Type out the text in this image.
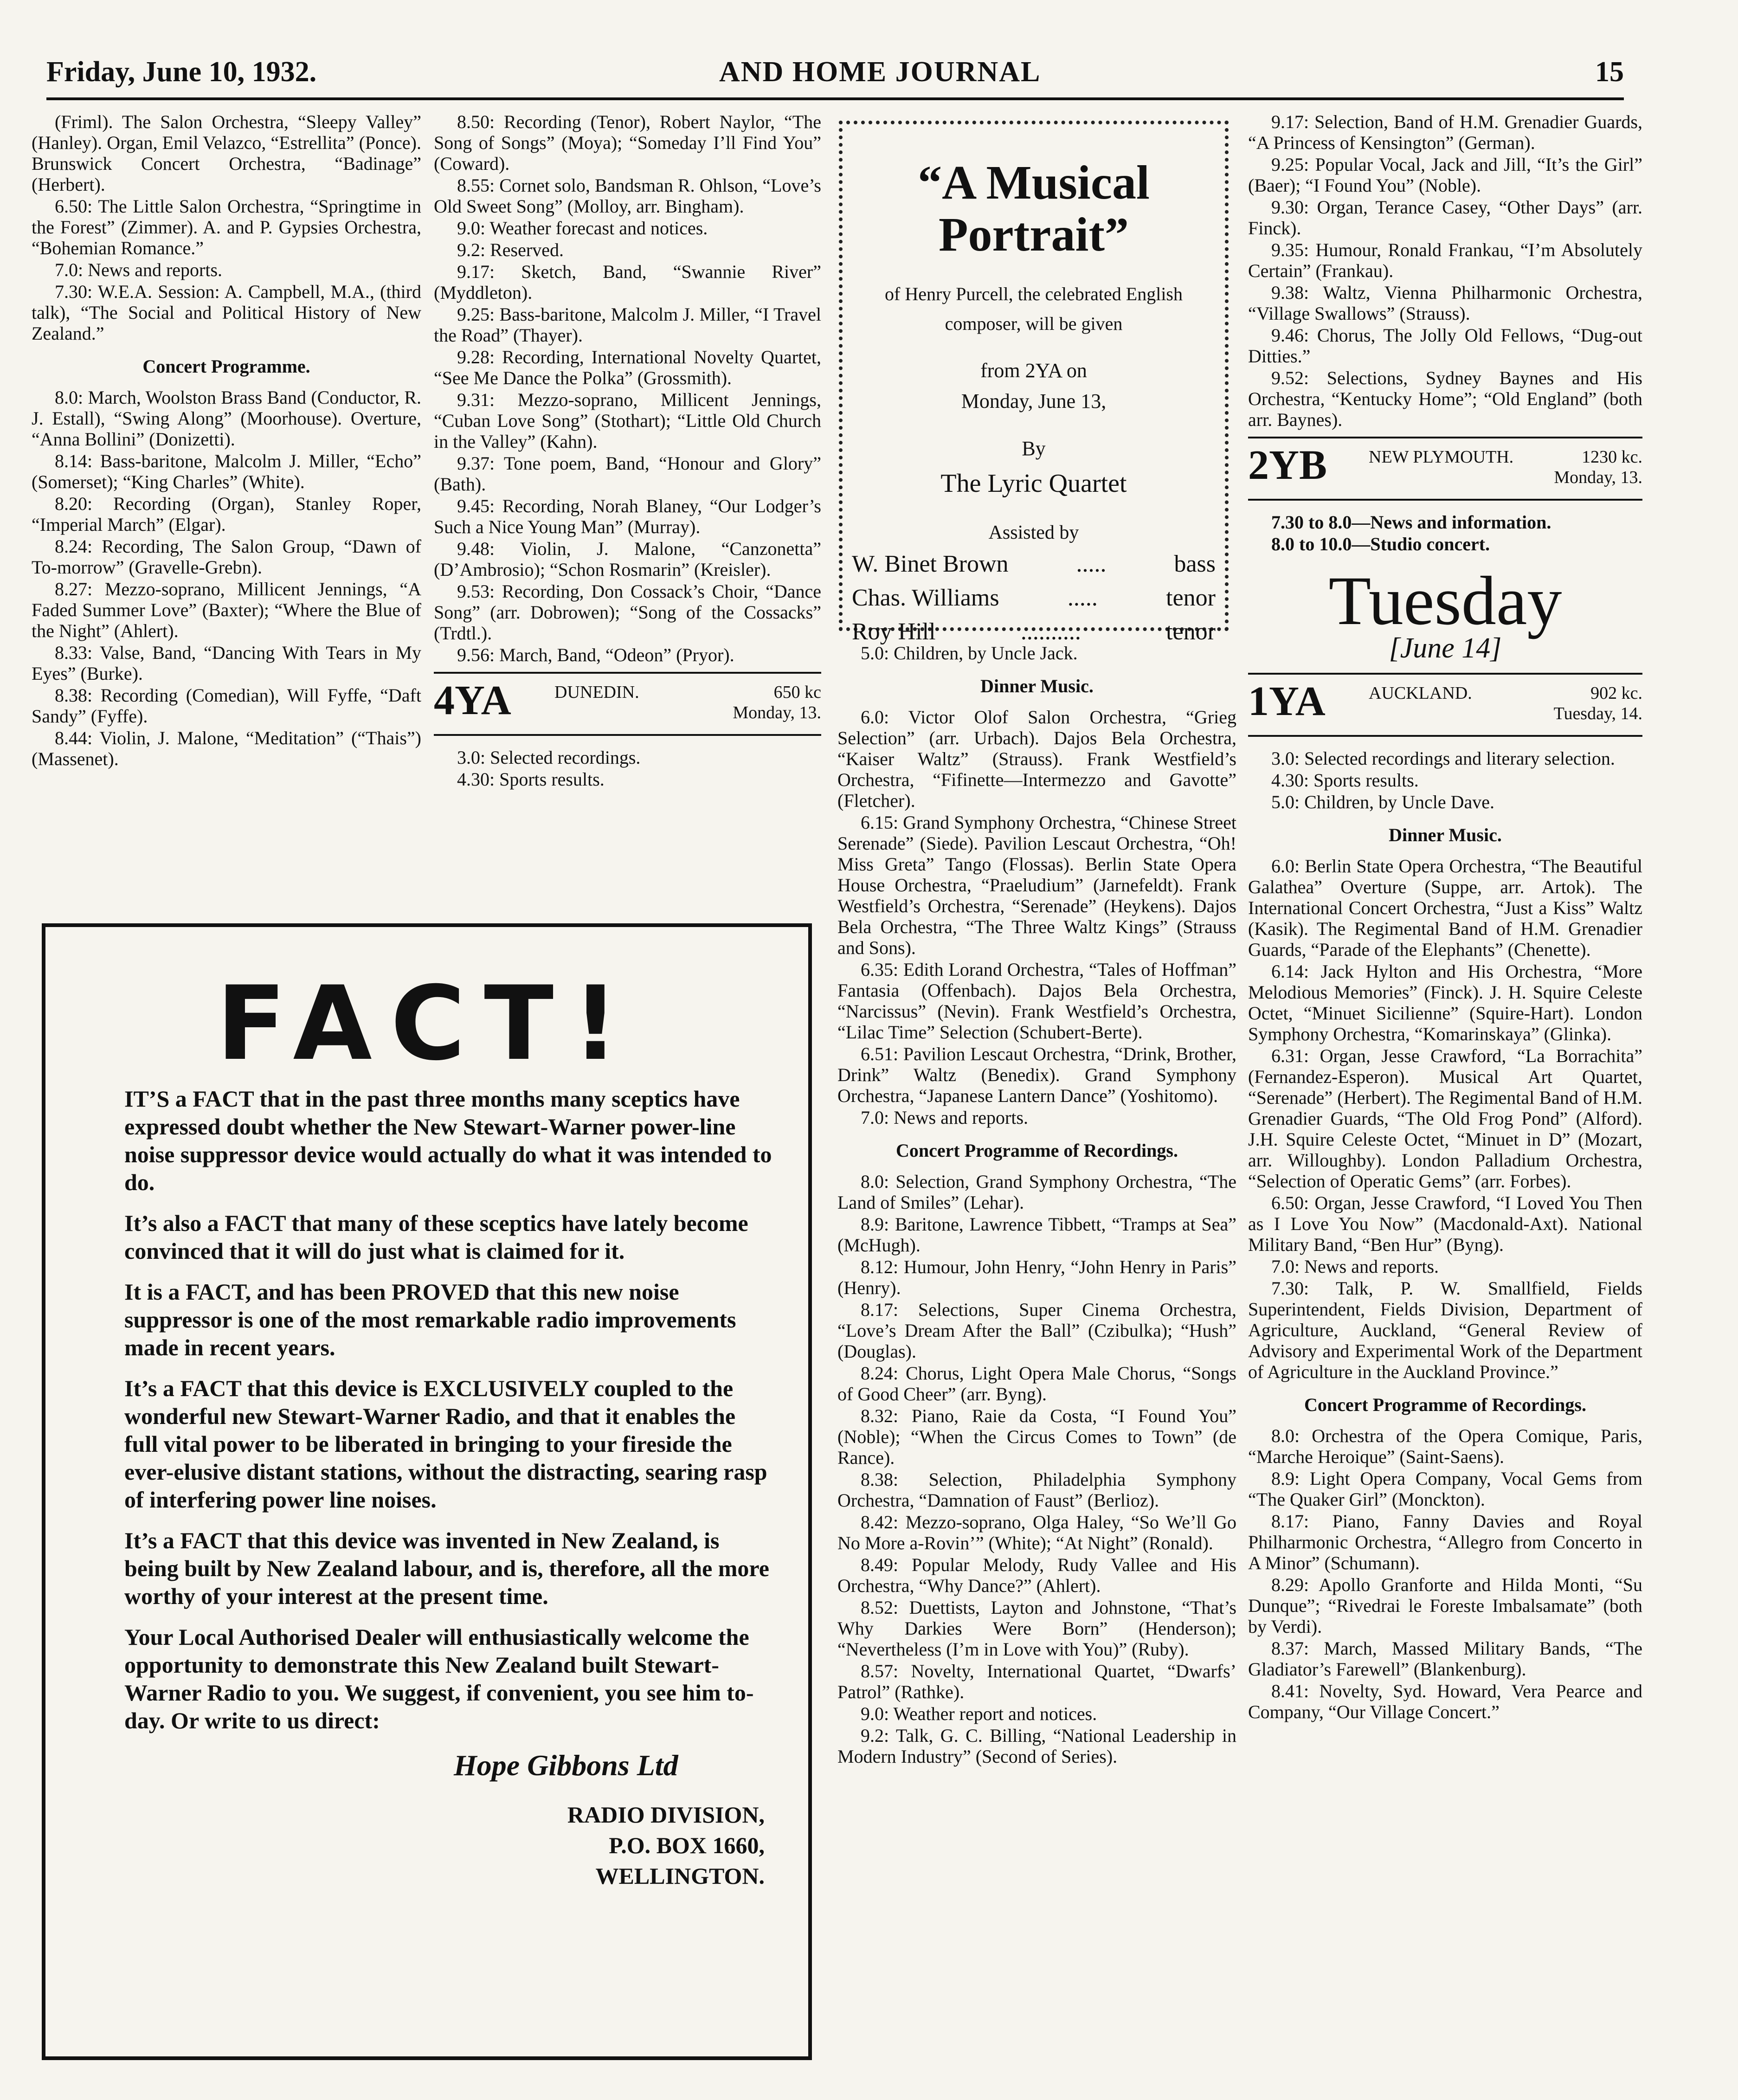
Friday, June 10, 1932.	AND HOME JOURNAL	15

(Friml). The Salon Orchestra, “Sleepy Valley” (Hanley). Organ, Emil Velazco, “Estrellita” (Ponce). Brunswick Concert Orchestra, “Badinage” (Herbert).

6.50: The Little Salon Orchestra, “Springtime in the Forest” (Zimmer). A. and P. Gypsies Orchestra, “Bohemian Romance.”

7.0: News and reports.

7.30: W.E.A. Session: A. Campbell, M.A., (third talk), “The Social and Political History of New Zealand.”

Concert Programme.

8.0: March, Woolston Brass Band (Conductor, R. J. Estall), “Swing Along” (Moorhouse). Overture, “Anna Bollini” (Donizetti).

8.14: Bass-baritone, Malcolm J. Miller, “Echo” (Somerset); “King Charles” (White).

8.20: Recording (Organ), Stanley Roper, “Imperial March” (Elgar).

8.24: Recording, The Salon Group, “Dawn of To-morrow” (Gravelle-Grebn).

8.27: Mezzo-soprano, Millicent Jennings, “A Faded Summer Love” (Baxter); “Where the Blue of the Night” (Ahlert).

8.33: Valse, Band, “Dancing With Tears in My Eyes” (Burke).

8.38: Recording (Comedian), Will Fyffe, “Daft Sandy” (Fyffe).

8.44: Violin, J. Malone, “Meditation” (“Thais”) (Massenet).

8.50: Recording (Tenor), Robert Naylor, “The Song of Songs” (Moya); “Someday I’ll Find You” (Coward).

8.55: Cornet solo, Bandsman R. Ohlson, “Love’s Old Sweet Song” (Molloy, arr. Bingham).

9.0: Weather forecast and notices.

9.2: Reserved.

9.17: Sketch, Band, “Swannie River” (Myddleton).

9.25: Bass-baritone, Malcolm J. Miller, “I Travel the Road” (Thayer).

9.28: Recording, International Novelty Quartet, “See Me Dance the Polka” (Grossmith).

9.31: Mezzo-soprano, Millicent Jennings, “Cuban Love Song” (Stothart); “Little Old Church in the Valley” (Kahn).

9.37: Tone poem, Band, “Honour and Glory” (Bath).

9.45: Recording, Norah Blaney, “Our Lodger’s Such a Nice Young Man” (Murray).

9.48: Violin, J. Malone, “Canzonetta” (D’Ambrosio); “Schon Rosmarin” (Kreisler).

9.53: Recording, Don Cossack’s Choir, “Dance Song” (arr. Dobrowen); “Song of the Cossacks” (Trdtl.).

9.56: March, Band, “Odeon” (Pryor).

4YA DUNEDIN.	650 kc
Monday, 13.

3.0: Selected recordings.

4.30: Sports results.

“A Musical Portrait”
of Henry Purcell, the celebrated English composer, will be given
from 2YA on
Monday, June 13,
By
The Lyric Quartet
Assisted by
W. Binet Brown	.....	bass
Chas. Williams	.....	tenor
Roy Hill	..........	tenor

5.0: Children, by Uncle Jack.

Dinner Music.

6.0: Victor Olof Salon Orchestra, “Grieg Selection” (arr. Urbach). Dajos Bela Orchestra, “Kaiser Waltz” (Strauss). Frank Westfield’s Orchestra, “Fifinette—Intermezzo and Gavotte” (Fletcher).

6.15: Grand Symphony Orchestra, “Chinese Street Serenade” (Siede). Pavilion Lescaut Orchestra, “Oh! Miss Greta” Tango (Flossas). Berlin State Opera House Orchestra, “Praeludium” (Jarnefeldt). Frank Westfield’s Orchestra, “Serenade” (Heykens). Dajos Bela Orchestra, “The Three Waltz Kings” (Strauss and Sons).

6.35: Edith Lorand Orchestra, “Tales of Hoffman” Fantasia (Offenbach). Dajos Bela Orchestra, “Narcissus” (Nevin). Frank Westfield’s Orchestra, “Lilac Time” Selection (Schubert-Berte).

6.51: Pavilion Lescaut Orchestra, “Drink, Brother, Drink” Waltz (Benedix). Grand Symphony Orchestra, “Japanese Lantern Dance” (Yoshitomo).

7.0: News and reports.

Concert Programme of Recordings.

8.0: Selection, Grand Symphony Orchestra, “The Land of Smiles” (Lehar).

8.9: Baritone, Lawrence Tibbett, “Tramps at Sea” (McHugh).

8.12: Humour, John Henry, “John Henry in Paris” (Henry).

8.17: Selections, Super Cinema Orchestra, “Love’s Dream After the Ball” (Czibulka); “Hush” (Douglas).

8.24: Chorus, Light Opera Male Chorus, “Songs of Good Cheer” (arr. Byng).

8.32: Piano, Raie da Costa, “I Found You” (Noble); “When the Circus Comes to Town” (de Rance).

8.38: Selection, Philadelphia Symphony Orchestra, “Damnation of Faust” (Berlioz).

8.42: Mezzo-soprano, Olga Haley, “So We’ll Go No More a-Rovin’” (White); “At Night” (Ronald).

8.49: Popular Melody, Rudy Vallee and His Orchestra, “Why Dance?” (Ahlert).

8.52: Duettists, Layton and Johnstone, “That’s Why Darkies Were Born” (Henderson); “Nevertheless (I’m in Love with You)” (Ruby).

8.57: Novelty, International Quartet, “Dwarfs’ Patrol” (Rathke).

9.0: Weather report and notices.

9.2: Talk, G. C. Billing, “National Leadership in Modern Industry” (Second of Series).

9.17: Selection, Band of H.M. Grenadier Guards, “A Princess of Kensington” (German).

9.25: Popular Vocal, Jack and Jill, “It’s the Girl” (Baer); “I Found You” (Noble).

9.30: Organ, Terance Casey, “Other Days” (arr. Finck).

9.35: Humour, Ronald Frankau, “I’m Absolutely Certain” (Frankau).

9.38: Waltz, Vienna Philharmonic Orchestra, “Village Swallows” (Strauss).

9.46: Chorus, The Jolly Old Fellows, “Dug-out Ditties.”

9.52: Selections, Sydney Baynes and His Orchestra, “Kentucky Home”; “Old England” (both arr. Baynes).

2YB NEW PLYMOUTH.	1230 kc.
Monday, 13.

7.30 to 8.0—News and information.

8.0 to 10.0—Studio concert.

Tuesday
[June 14]
1YA AUCKLAND.	902 kc.
Tuesday, 14.

3.0: Selected recordings and literary selection.

4.30: Sports results.

5.0: Children, by Uncle Dave.

Dinner Music.

6.0: Berlin State Opera Orchestra, “The Beautiful Galathea” Overture (Suppe, arr. Artok). The International Concert Orchestra, “Just a Kiss” Waltz (Kasik). The Regimental Band of H.M. Grenadier Guards, “Parade of the Elephants” (Chenette).

6.14: Jack Hylton and His Orchestra, “More Melodious Memories” (Finck). J. H. Squire Celeste Octet, “Minuet Sicilienne” (Squire-Hart). London Symphony Orchestra, “Komarinskaya” (Glinka).

6.31: Organ, Jesse Crawford, “La Borrachita” (Fernandez-Esperon). Musical Art Quartet, “Serenade” (Herbert). The Regimental Band of H.M. Grenadier Guards, “The Old Frog Pond” (Alford). J.H. Squire Celeste Octet, “Minuet in D” (Mozart, arr. Willoughby). London Palladium Orchestra, “Selection of Operatic Gems” (arr. Forbes).

6.50: Organ, Jesse Crawford, “I Loved You Then as I Love You Now” (Macdonald-Axt). National Military Band, “Ben Hur” (Byng).

7.0: News and reports.

7.30: Talk, P. W. Smallfield, Fields Superintendent, Fields Division, Department of Agriculture, Auckland, “General Review of Advisory and Experimental Work of the Department of Agriculture in the Auckland Province.”

Concert Programme of Recordings.

8.0: Orchestra of the Opera Comique, Paris, “Marche Heroique” (Saint-Saens).

8.9: Light Opera Company, Vocal Gems from “The Quaker Girl” (Monckton).

8.17: Piano, Fanny Davies and Royal Philharmonic Orchestra, “Allegro from Concerto in A Minor” (Schumann).

8.29: Apollo Granforte and Hilda Monti, “Su Dunque”; “Rivedrai le Foreste Imbalsamate” (both by Verdi).

8.37: March, Massed Military Bands, “The Gladiator’s Farewell” (Blankenburg).

8.41: Novelty, Syd. Howard, Vera Pearce and Company, “Our Village Concert.”

FACT!

IT’S a FACT that in the past three months many sceptics have expressed doubt whether the New Stewart-Warner power-line noise suppressor device would actually do what it was intended to do.

It’s also a FACT that many of these sceptics have lately become convinced that it will do just what is claimed for it.

It is a FACT, and has been PROVED that this new noise suppressor is one of the most remarkable radio improvements made in recent years.

It’s a FACT that this device is EXCLUSIVELY coupled to the wonderful new Stewart-Warner Radio, and that it enables the full vital power to be liberated in bringing to your fireside the ever-elusive distant stations, without the distracting, searing rasp of interfering power line noises.

It’s a FACT that this device was invented in New Zealand, is being built by New Zealand labour, and is, therefore, all the more worthy of your interest at the present time.

Your Local Authorised Dealer will enthusiastically welcome the opportunity to demonstrate this New Zealand built Stewart-Warner Radio to you. We suggest, if convenient, you see him to-day. Or write to us direct:

Hope Gibbons Ltd
RADIO DIVISION,
P.O. BOX 1660,
WELLINGTON.
